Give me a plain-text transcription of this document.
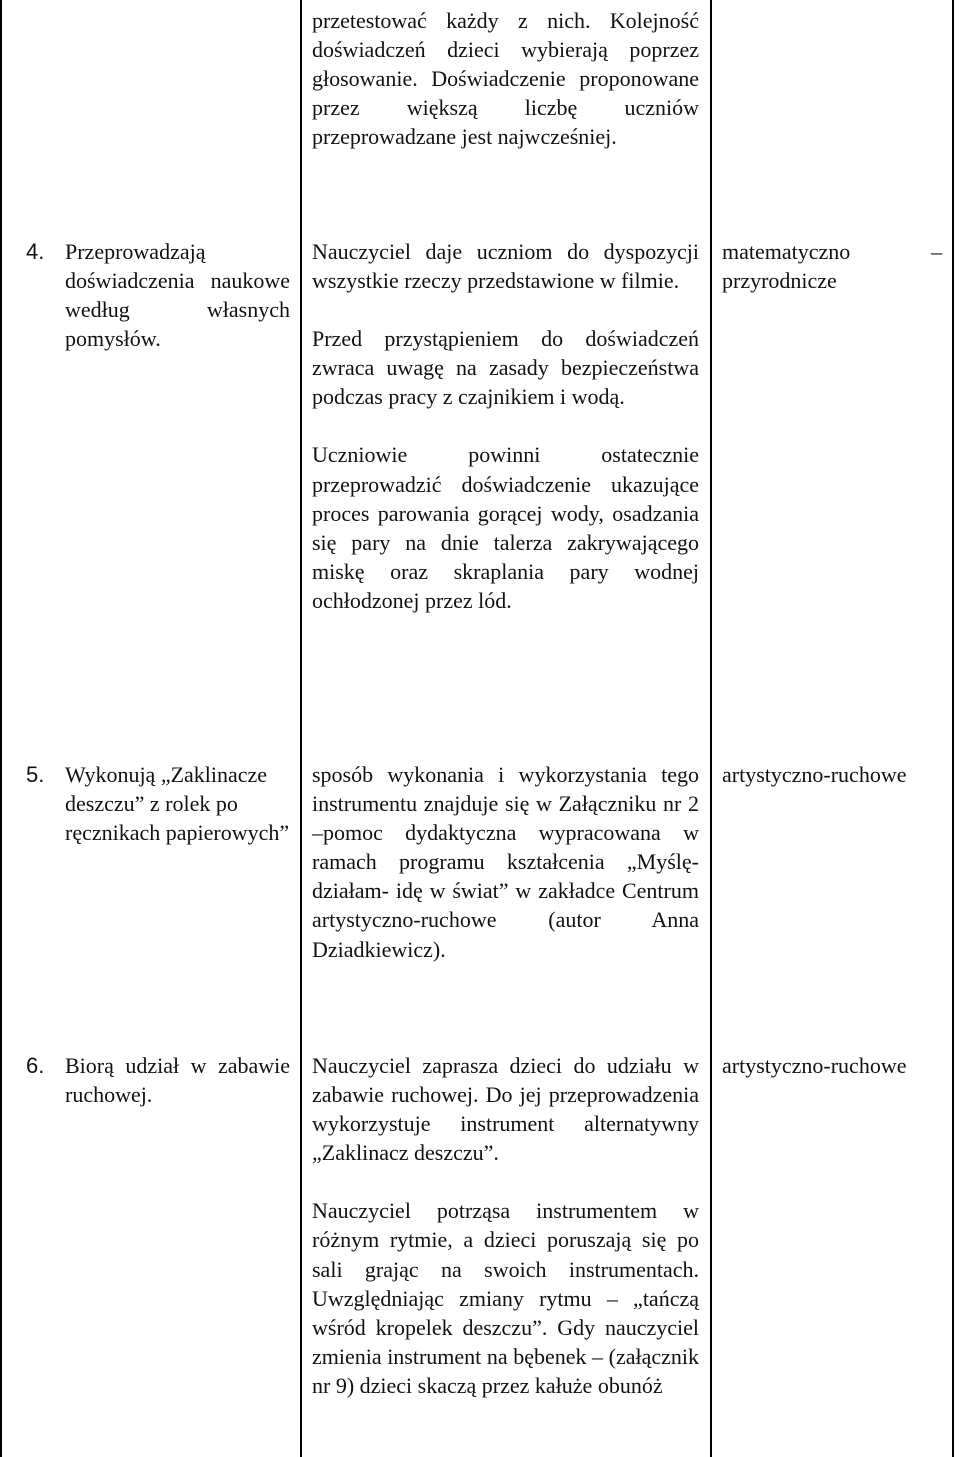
przetestować każdy z nich. Kolejność doświadczeń dzieci wybierają poprzez głosowanie. Doświadczenie proponowane przez większą liczbę uczniów przeprowadzane jest najwcześniej.

4. Przeprowadzają doświadczenia naukowe według własnych pomysłów.

Nauczyciel daje uczniom do dyspozycji wszystkie rzeczy przedstawione w filmie.

Przed przystąpieniem do doświadczeń zwraca uwagę na zasady bezpieczeństwa podczas pracy z czajnikiem i wodą.

Uczniowie powinni ostatecznie przeprowadzić doświadczenie ukazujące proces parowania gorącej wody, osadzania się pary na dnie talerza zakrywającego miskę oraz skraplania pary wodnej ochłodzonej przez lód.

matematyczno – przyrodnicze
5. Wykonują „Zaklinacze deszczu” z rolek po ręcznikach papierowych”

sposób wykonania i wykorzystania tego instrumentu znajduje się w Załączniku nr 2 –pomoc dydaktyczna wypracowana w ramach programu kształcenia „Myślę- działam- idę w świat” w zakładce Centrum artystyczno-ruchowe (autor Anna Dziadkiewicz).

artystyczno-ruchowe
6. Biorą udział w zabawie ruchowej.

Nauczyciel zaprasza dzieci do udziału w zabawie ruchowej. Do jej przeprowadzenia wykorzystuje instrument alternatywny „Zaklinacz deszczu”.

Nauczyciel potrząsa instrumentem w różnym rytmie, a dzieci poruszają się po sali grając na swoich instrumentach. Uwzględniając zmiany rytmu – „tańczą wśród kropelek deszczu”. Gdy nauczyciel zmienia instrument na bębenek – (załącznik nr 9) dzieci skaczą przez kałuże obunóż

artystyczno-ruchowe
